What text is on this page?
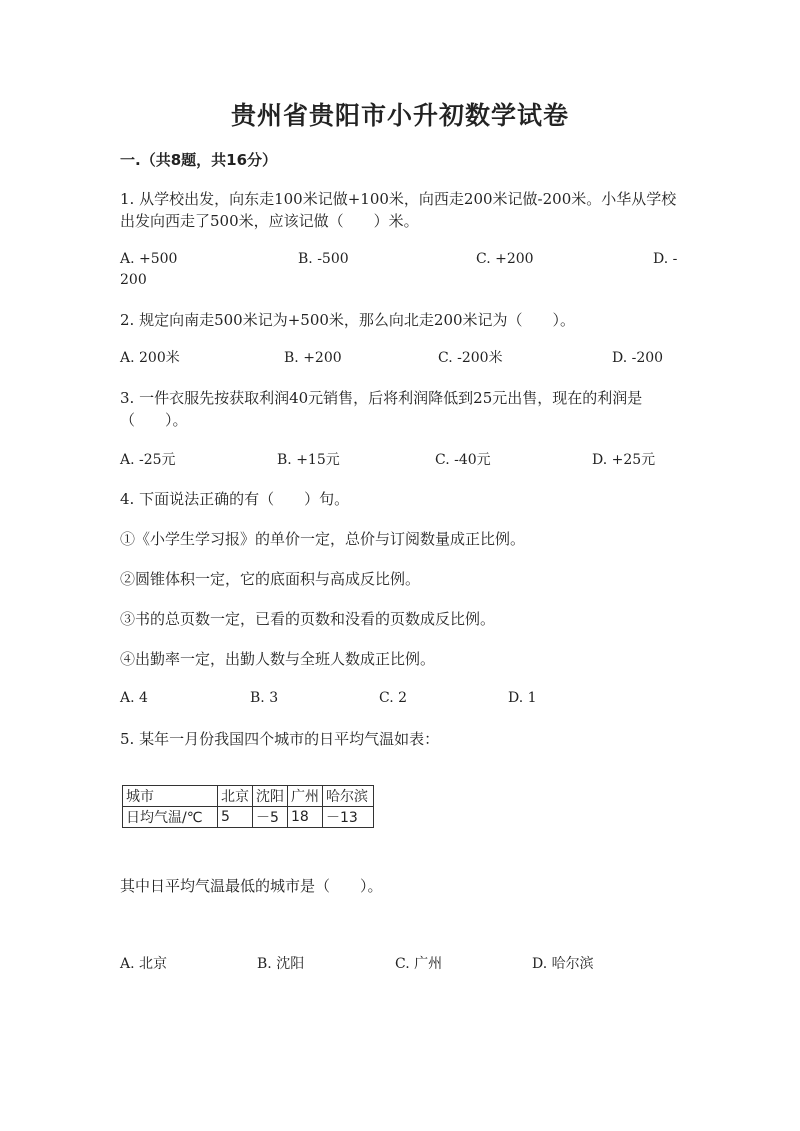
贵州省贵阳市小升初数学试卷
一.（共8题，共16分）
1. 从学校出发，向东走100米记做+100米，向西走200米记做-200米。小华从学校出发向西走了500米，应该记做（　　）米。
A. +500	B. -500	C. +200	D. -
200
2. 规定向南走500米记为+500米，那么向北走200米记为（　　）。
A. 200米	B. +200	C. -200米	D. -200
3. 一件衣服先按获取利润40元销售，后将利润降低到25元出售，现在的利润是（　　）。
A. -25元	B. +15元	C. -40元	D. +25元
4. 下面说法正确的有（　　）句。
①《小学生学习报》的单价一定，总价与订阅数量成正比例。
②圆锥体积一定，它的底面积与高成反比例。
③书的总页数一定，已看的页数和没看的页数成反比例。
④出勤率一定，出勤人数与全班人数成正比例。
A. 4	B. 3	C. 2	D. 1
5. 某年一月份我国四个城市的日平均气温如表：
城市	北京	沈阳	广州	哈尔滨
日均气温/℃	5	－5	18	－13
其中日平均气温最低的城市是（　　）。
A. 北京	B. 沈阳	C. 广州	D. 哈尔滨
